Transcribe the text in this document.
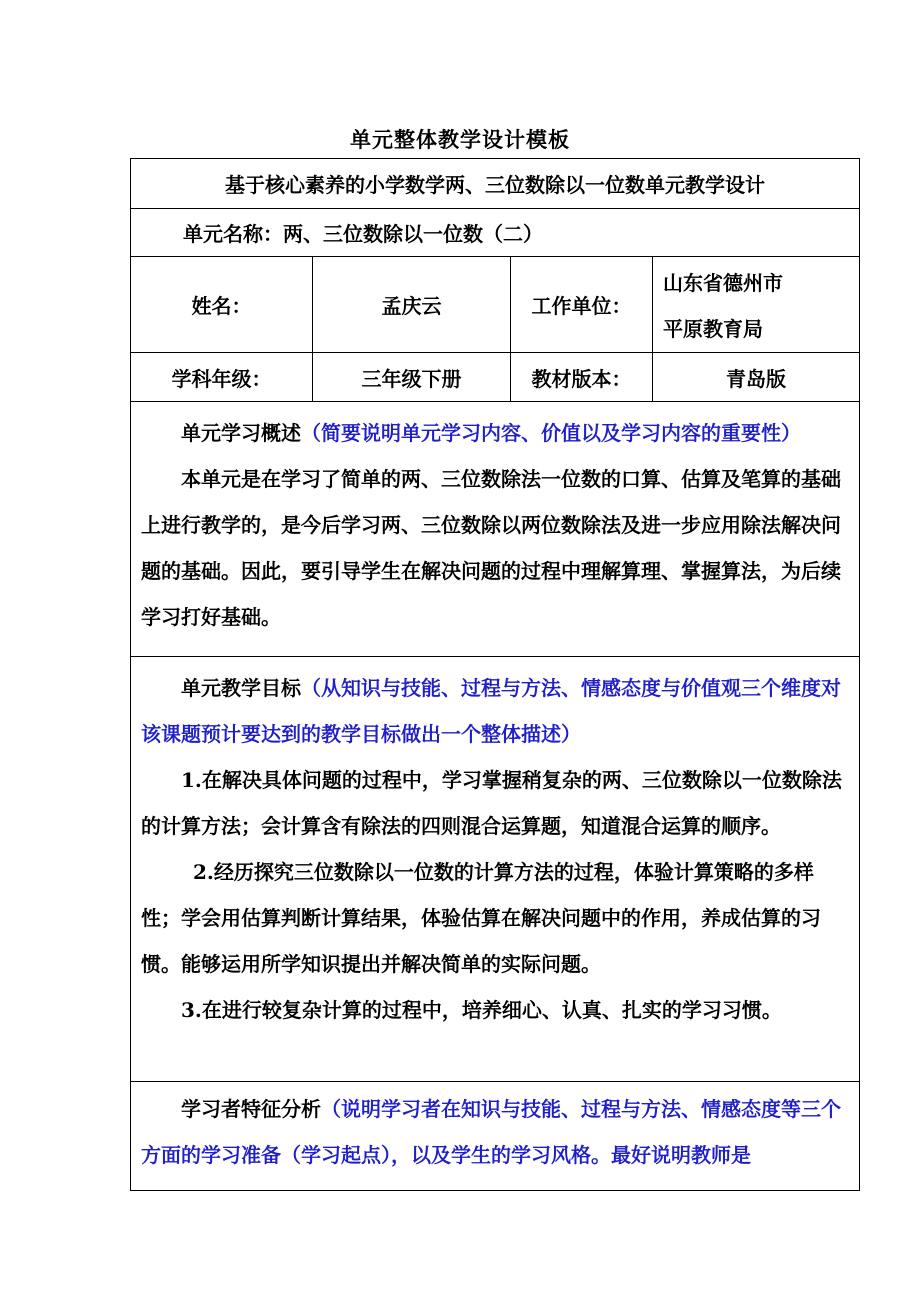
单元整体教学设计模板
基于核心素养的小学数学两、三位数除以一位数单元教学设计			
单元名称：两、三位数除以一位数（二）			
姓名：	孟庆云	工作单位：	山东省德州市
平原教育局

学科年级：	三年级下册	教材版本：	青岛版

单元学习概述（简要说明单元学习内容、价值以及学习内容的重要性）

本单元是在学习了简单的两、三位数除法一位数的口算、估算及笔算的基础上进行教学的，是今后学习两、三位数除以两位数除法及进一步应用除法解决问题的基础。因此，要引导学生在解决问题的过程中理解算理、掌握算法，为后续学习打好基础。			

单元教学目标（从知识与技能、过程与方法、情感态度与价值观三个维度对该课题预计要达到的教学目标做出一个整体描述）

1.在解决具体问题的过程中，学习掌握稍复杂的两、三位数除以一位数除法的计算方法；会计算含有除法的四则混合运算题，知道混合运算的顺序。

2.经历探究三位数除以一位数的计算方法的过程，体验计算策略的多样性；学会用估算判断计算结果，体验估算在解决问题中的作用，养成估算的习惯。能够运用所学知识提出并解决简单的实际问题。

3.在进行较复杂计算的过程中，培养细心、认真、扎实的学习习惯。			

学习者特征分析（说明学习者在知识与技能、过程与方法、情感态度等三个方面的学习准备（学习起点），以及学生的学习风格。最好说明教师是			
